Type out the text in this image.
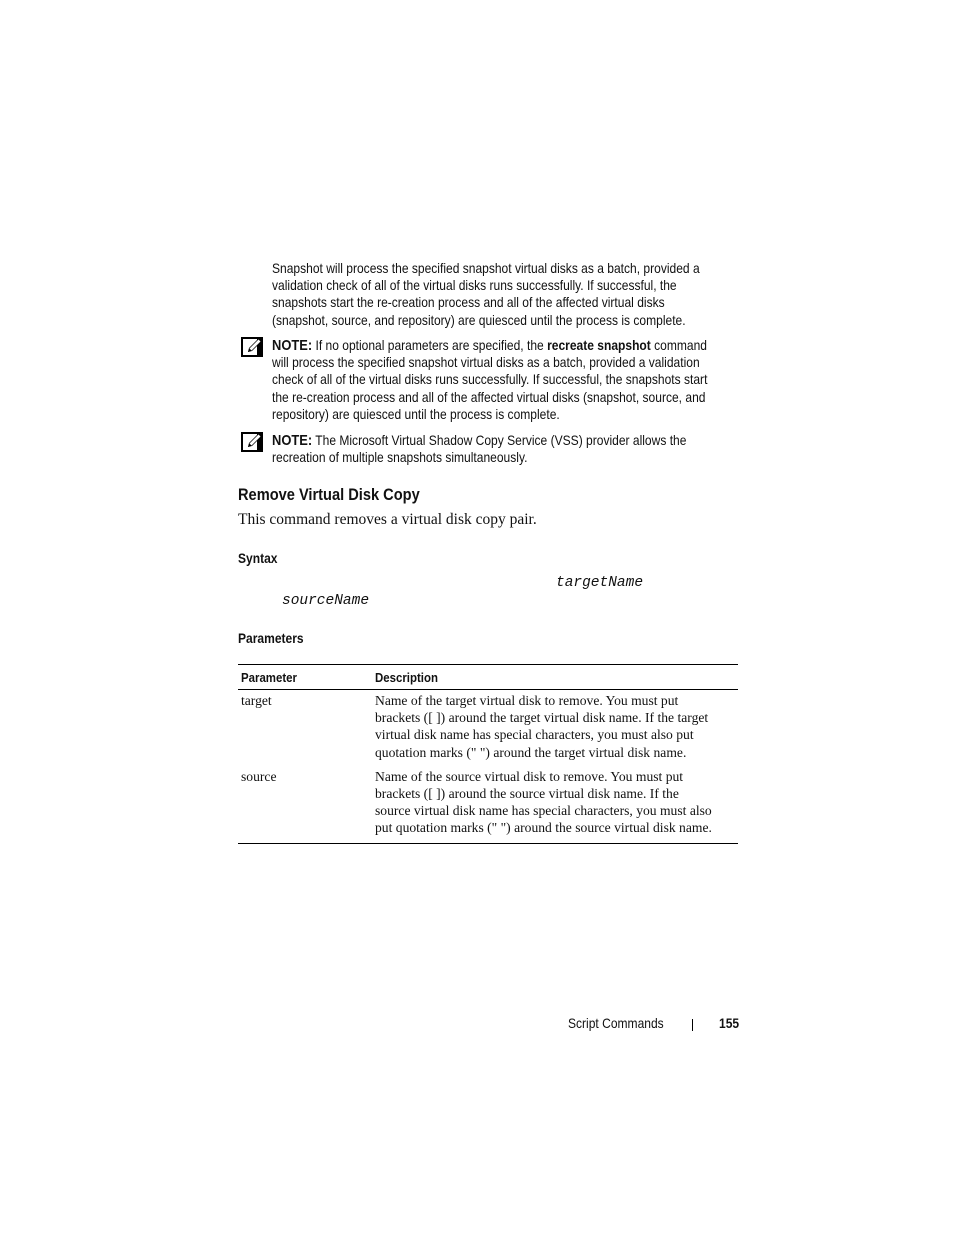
Snapshot will process the specified snapshot virtual disks as a batch, provided a
validation check of all of the virtual disks runs successfully. If successful, the
snapshots start the re-creation process and all of the affected virtual disks
(snapshot, source, and repository) are quiesced until the process is complete.
NOTE: If no optional parameters are specified, the recreate snapshot command
will process the specified snapshot virtual disks as a batch, provided a validation
check of all of the virtual disks runs successfully. If successful, the snapshots start
the re-creation process and all of the affected virtual disks (snapshot, source, and
repository) are quiesced until the process is complete.
NOTE: The Microsoft Virtual Shadow Copy Service (VSS) provider allows the
recreation of multiple snapshots simultaneously.
Remove Virtual Disk Copy
This command removes a virtual disk copy pair.
Syntax
targetName
sourceName
Parameters
Parameter	Description
target	Name of the target virtual disk to remove. You must put
brackets ([ ]) around the target virtual disk name. If the target
virtual disk name has special characters, you must also put
quotation marks (" ") around the target virtual disk name.

source	Name of the source virtual disk to remove. You must put
brackets ([ ]) around the source virtual disk name. If the
source virtual disk name has special characters, you must also
put quotation marks (" ") around the source virtual disk name.
Script Commands	155
